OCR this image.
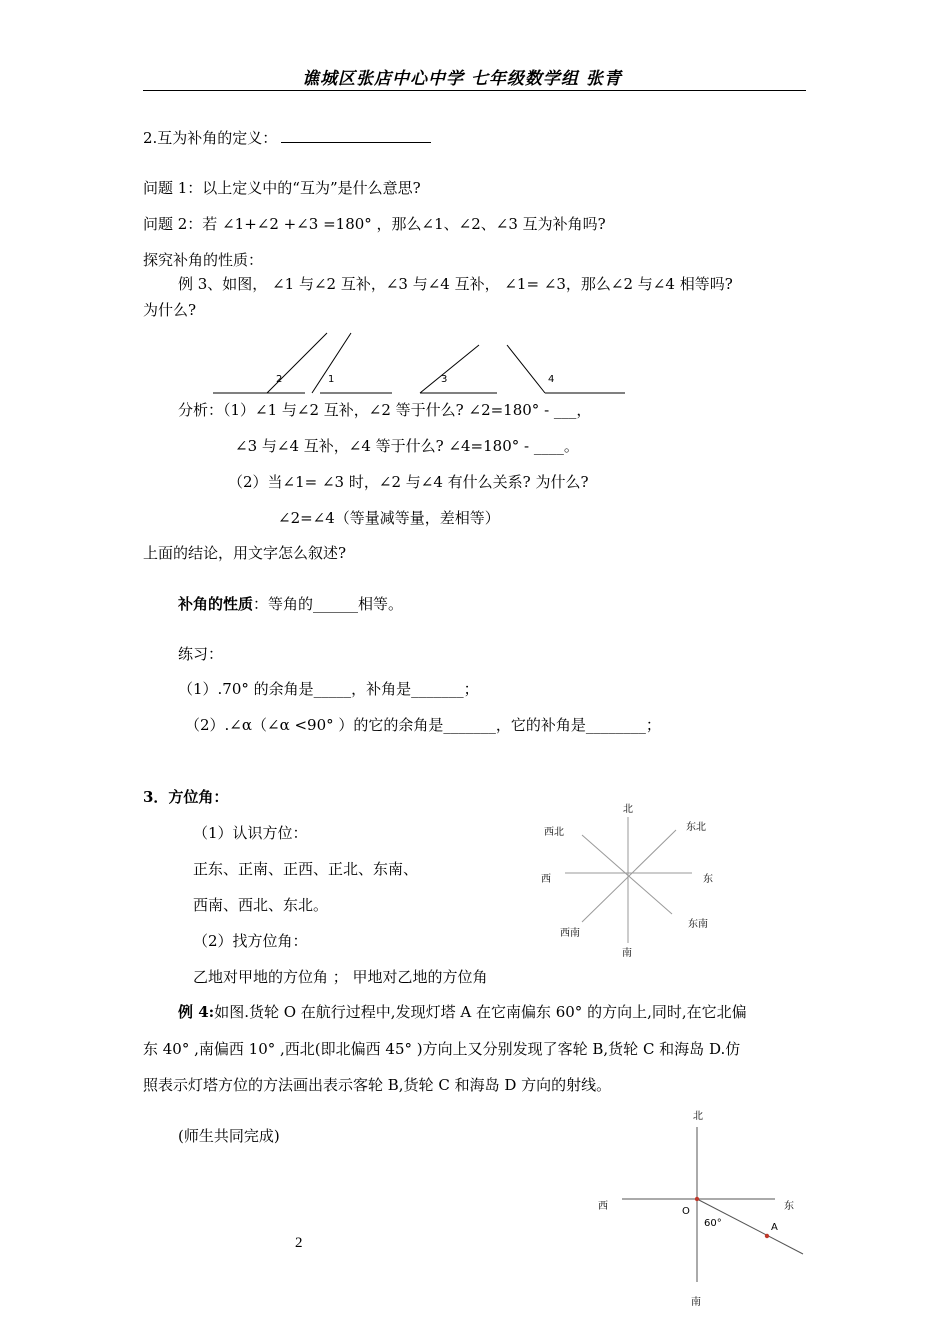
谯城区张店中心中学 七年级数学组 张青
2.互为补角的定义：
问题 1：以上定义中的“互为”是什么意思?
问题 2：若 ∠1+∠2 +∠3 =180° ，那么∠1、∠2、∠3 互为补角吗?
探究补角的性质：
例 3、如图， ∠1 与∠2 互补，∠3 与∠4 互补， ∠1= ∠3，那么∠2 与∠4 相等吗?
为什么?
2	1	3	4
分析：（1）∠1 与∠2 互补，∠2 等于什么? ∠2=180° - ___，
∠3 与∠4 互补，∠4 等于什么? ∠4=180° - ____。
（2）当∠1= ∠3 时，∠2 与∠4 有什么关系? 为什么?
∠2=∠4（等量减等量，差相等）
上面的结论，用文字怎么叙述?
补角的性质：等角的______相等。
练习：
（1）.70° 的余角是_____，补角是_______；
（2）.∠α（∠α <90° ）的它的余角是_______，它的补角是________；
3．方位角：
（1）认识方位：
正东、正南、正西、正北、东南、
西南、西北、东北。
（2）找方位角：
乙地对甲地的方位角 ； 甲地对乙地的方位角
北
东北
东
东南
南
西南
西
西北
例 4:如图.货轮 O 在航行过程中,发现灯塔 A 在它南偏东 60° 的方向上,同时,在它北偏
东 40° ,南偏西 10° ,西北(即北偏西 45° )方向上又分别发现了客轮 B,货轮 C 和海岛 D.仿
照表示灯塔方位的方法画出表示客轮 B,货轮 C 和海岛 D 方向的射线。
(师生共同完成)
北
南
西	东
O
60°	A
2
